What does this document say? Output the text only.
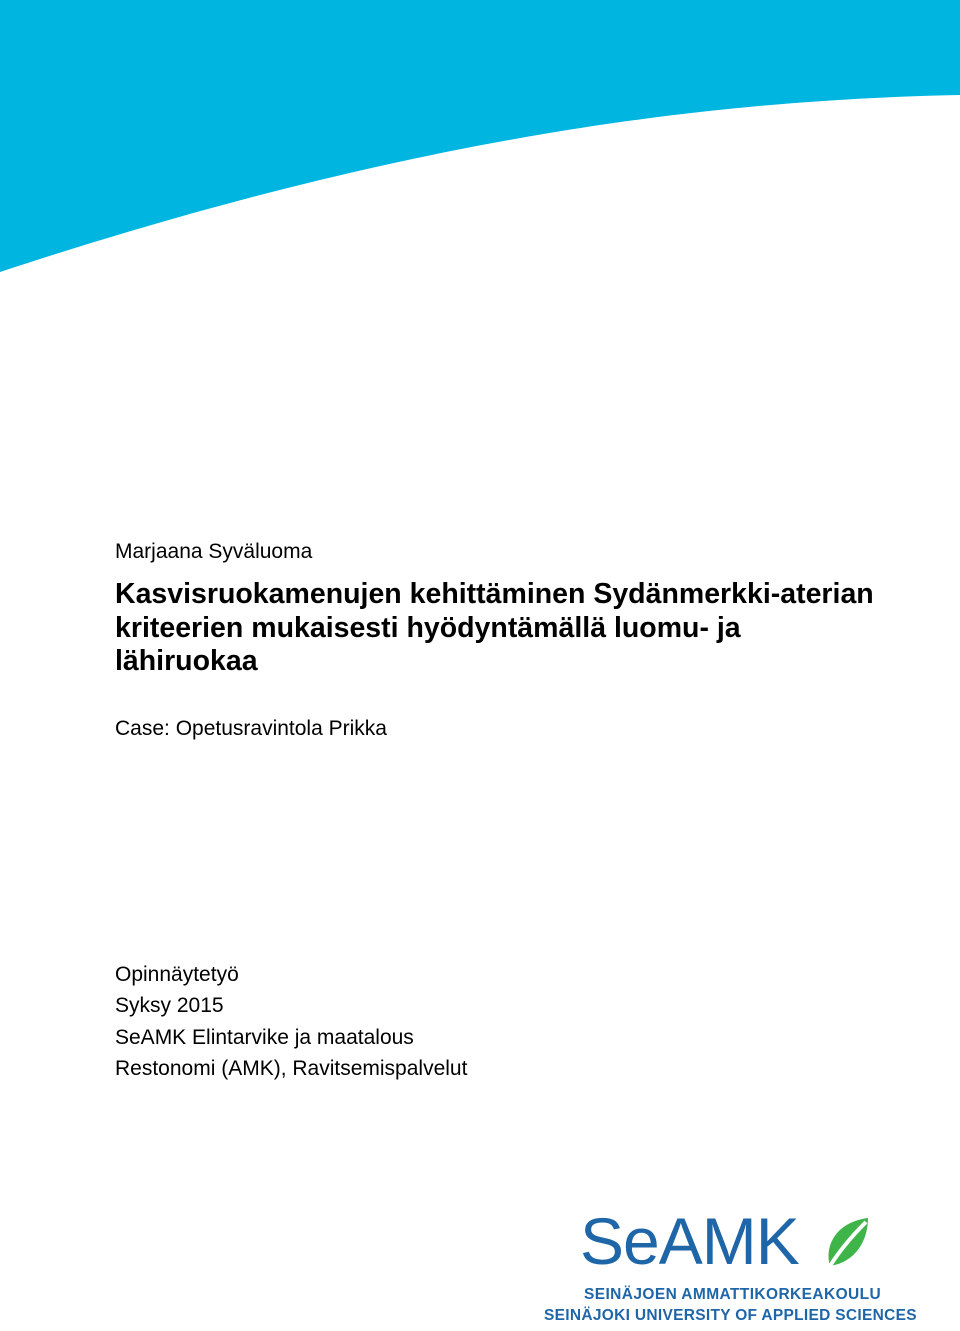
Marjaana Syväluoma
Kasvisruokamenujen kehittäminen Sydänmerkki-aterian
kriteerien mukaisesti hyödyntämällä luomu- ja
lähiruokaa
Case: Opetusravintola Prikka
Opinnäytetyö
Syksy 2015
SeAMK Elintarvike ja maatalous
Restonomi (AMK), Ravitsemispalvelut
SeAMK
SEINÄJOEN AMMATTIKORKEAKOULU
SEINÄJOKI UNIVERSITY OF APPLIED SCIENCES
